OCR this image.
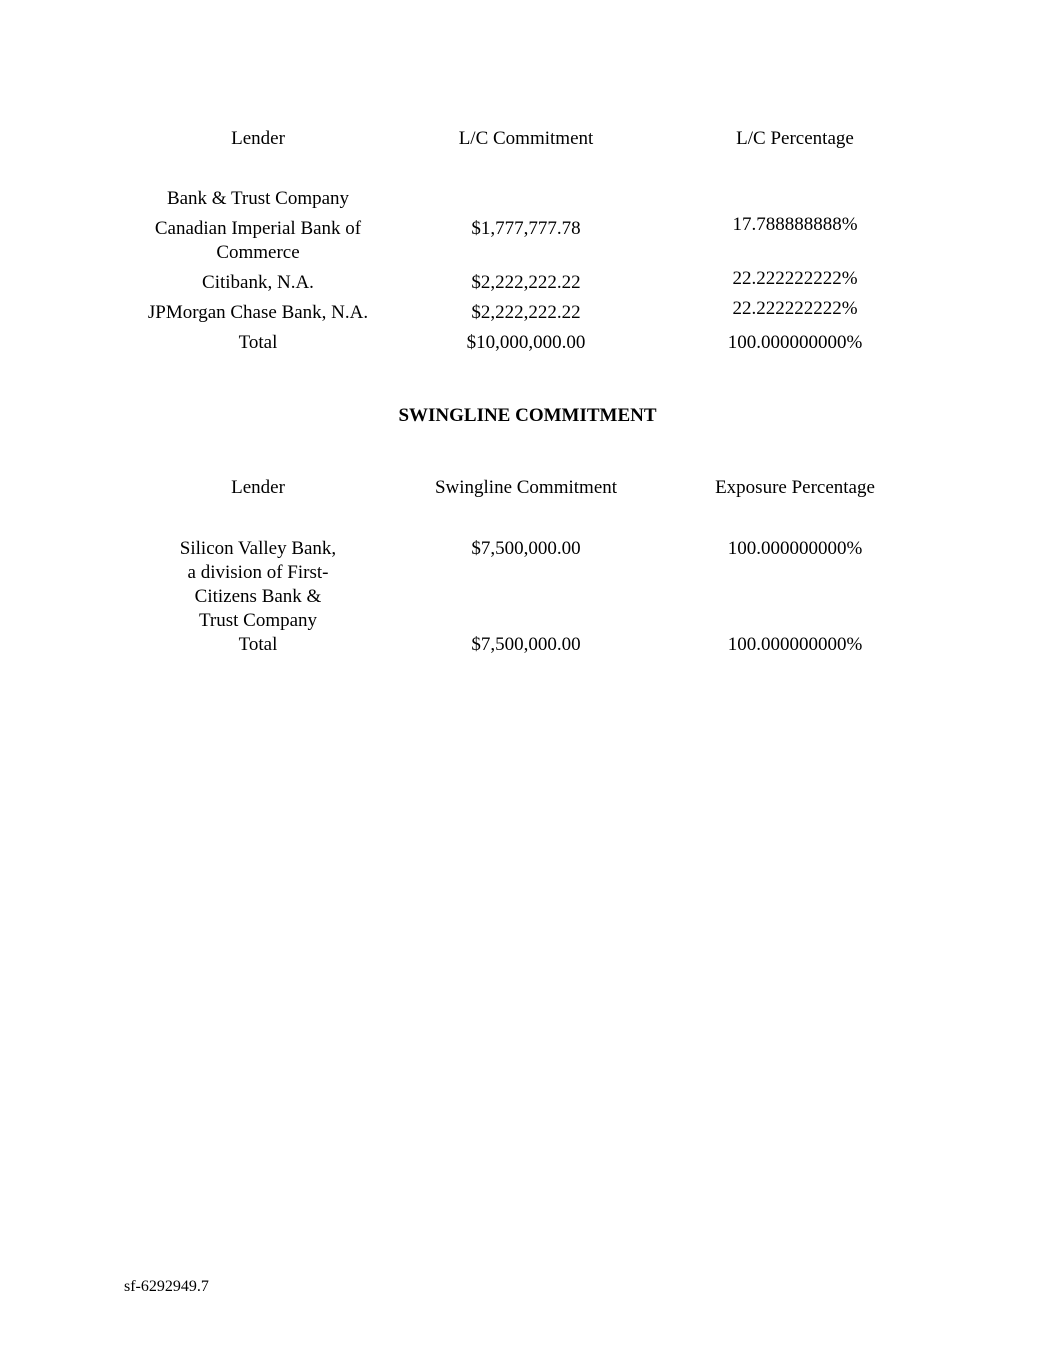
Lender	L/C Commitment	L/C Percentage
Bank & Trust Company		
Canadian Imperial Bank of Commerce	$1,777,777.78	17.788888888%
Citibank, N.A.	$2,222,222.22	22.222222222%
JPMorgan Chase Bank, N.A.	$2,222,222.22	22.222222222%
Total	$10,000,000.00	100.000000000%
SWINGLINE COMMITMENT
Lender	Swingline Commitment	Exposure Percentage
Silicon Valley Bank, a division of First-Citizens Bank & Trust Company	$7,500,000.00	100.000000000%
Total	$7,500,000.00	100.000000000%
sf-6292949.7
